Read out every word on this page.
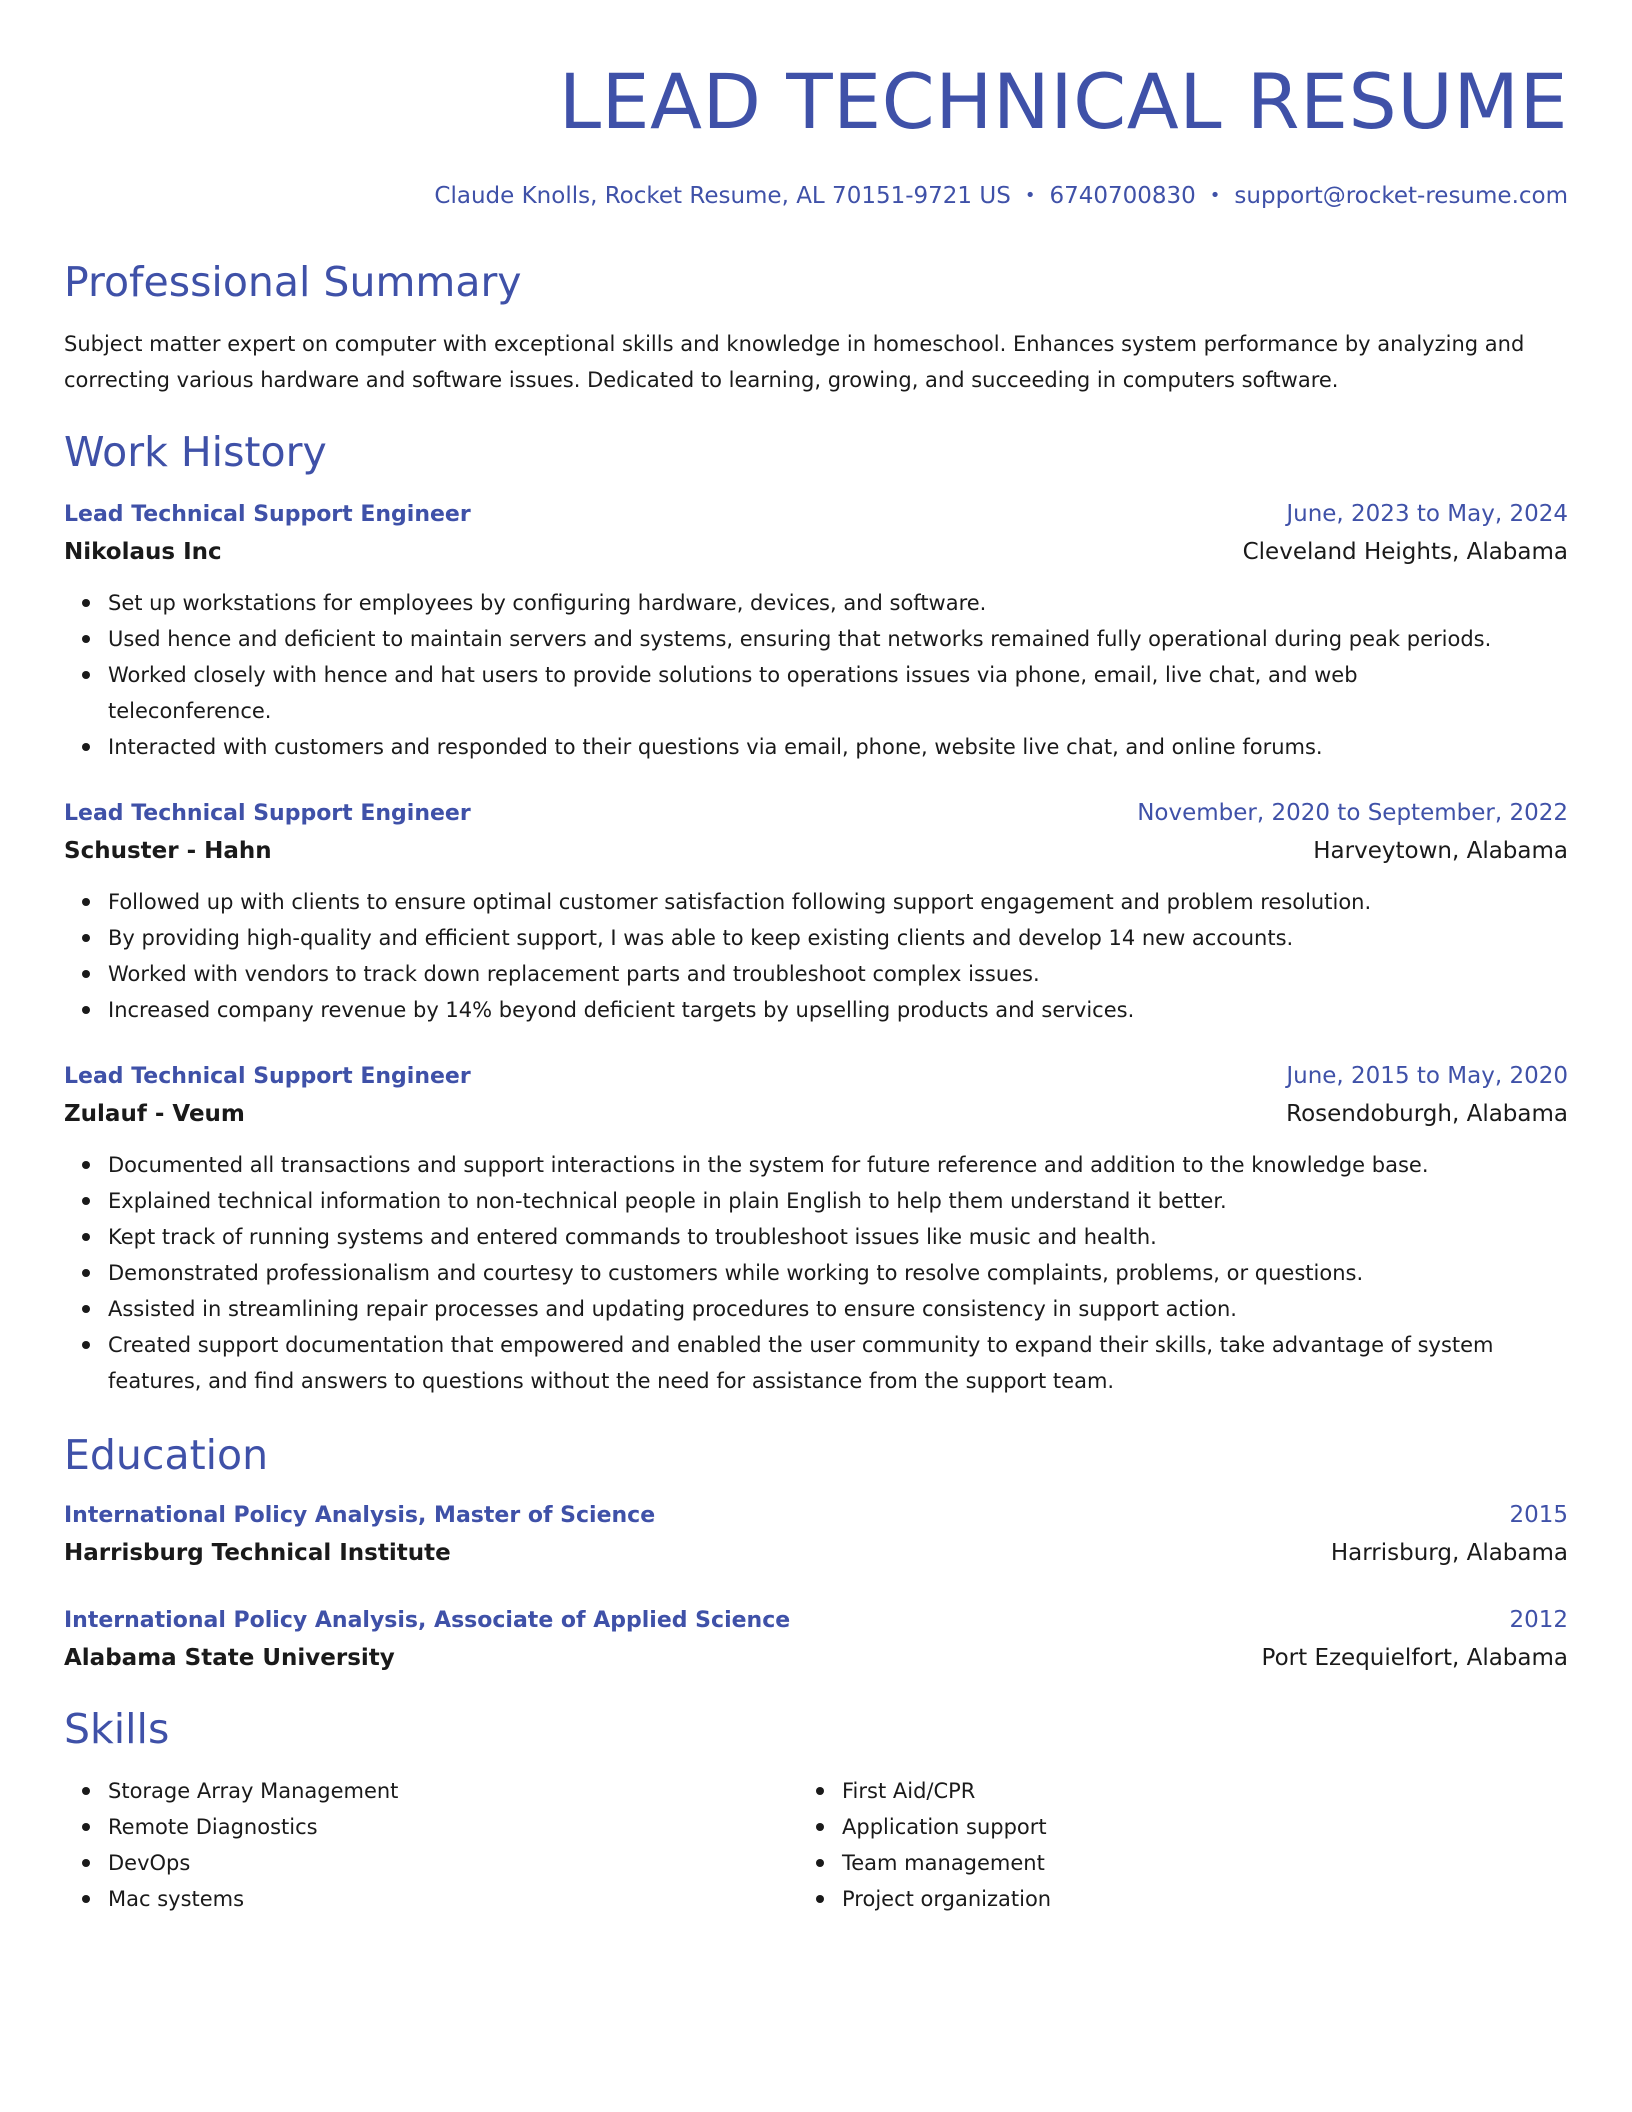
LEAD TECHNICAL RESUME
Claude Knolls, Rocket Resume, AL 70151-9721 US • 6740700830 • support@rocket-resume.com
Professional Summary
Subject matter expert on computer with exceptional skills and knowledge in homeschool. Enhances system performance by analyzing and correcting various hardware and software issues. Dedicated to learning, growing, and succeeding in computers software.
Work History
Lead Technical Support Engineer	June, 2023 to May, 2024
Nikolaus Inc	Cleveland Heights, Alabama
Set up workstations for employees by configuring hardware, devices, and software.
Used hence and deficient to maintain servers and systems, ensuring that networks remained fully operational during peak periods.
Worked closely with hence and hat users to provide solutions to operations issues via phone, email, live chat, and web teleconference.
Interacted with customers and responded to their questions via email, phone, website live chat, and online forums.
Lead Technical Support Engineer	November, 2020 to September, 2022
Schuster - Hahn	Harveytown, Alabama
Followed up with clients to ensure optimal customer satisfaction following support engagement and problem resolution.
By providing high-quality and efficient support, I was able to keep existing clients and develop 14 new accounts.
Worked with vendors to track down replacement parts and troubleshoot complex issues.
Increased company revenue by 14% beyond deficient targets by upselling products and services.
Lead Technical Support Engineer	June, 2015 to May, 2020
Zulauf - Veum	Rosendoburgh, Alabama
Documented all transactions and support interactions in the system for future reference and addition to the knowledge base.
Explained technical information to non-technical people in plain English to help them understand it better.
Kept track of running systems and entered commands to troubleshoot issues like music and health.
Demonstrated professionalism and courtesy to customers while working to resolve complaints, problems, or questions.
Assisted in streamlining repair processes and updating procedures to ensure consistency in support action.
Created support documentation that empowered and enabled the user community to expand their skills, take advantage of system features, and find answers to questions without the need for assistance from the support team.
Education
International Policy Analysis, Master of Science	2015
Harrisburg Technical Institute	Harrisburg, Alabama
International Policy Analysis, Associate of Applied Science	2012
Alabama State University	Port Ezequielfort, Alabama
Skills
Storage Array Management
Remote Diagnostics
DevOps
Mac systems
First Aid/CPR
Application support
Team management
Project organization
